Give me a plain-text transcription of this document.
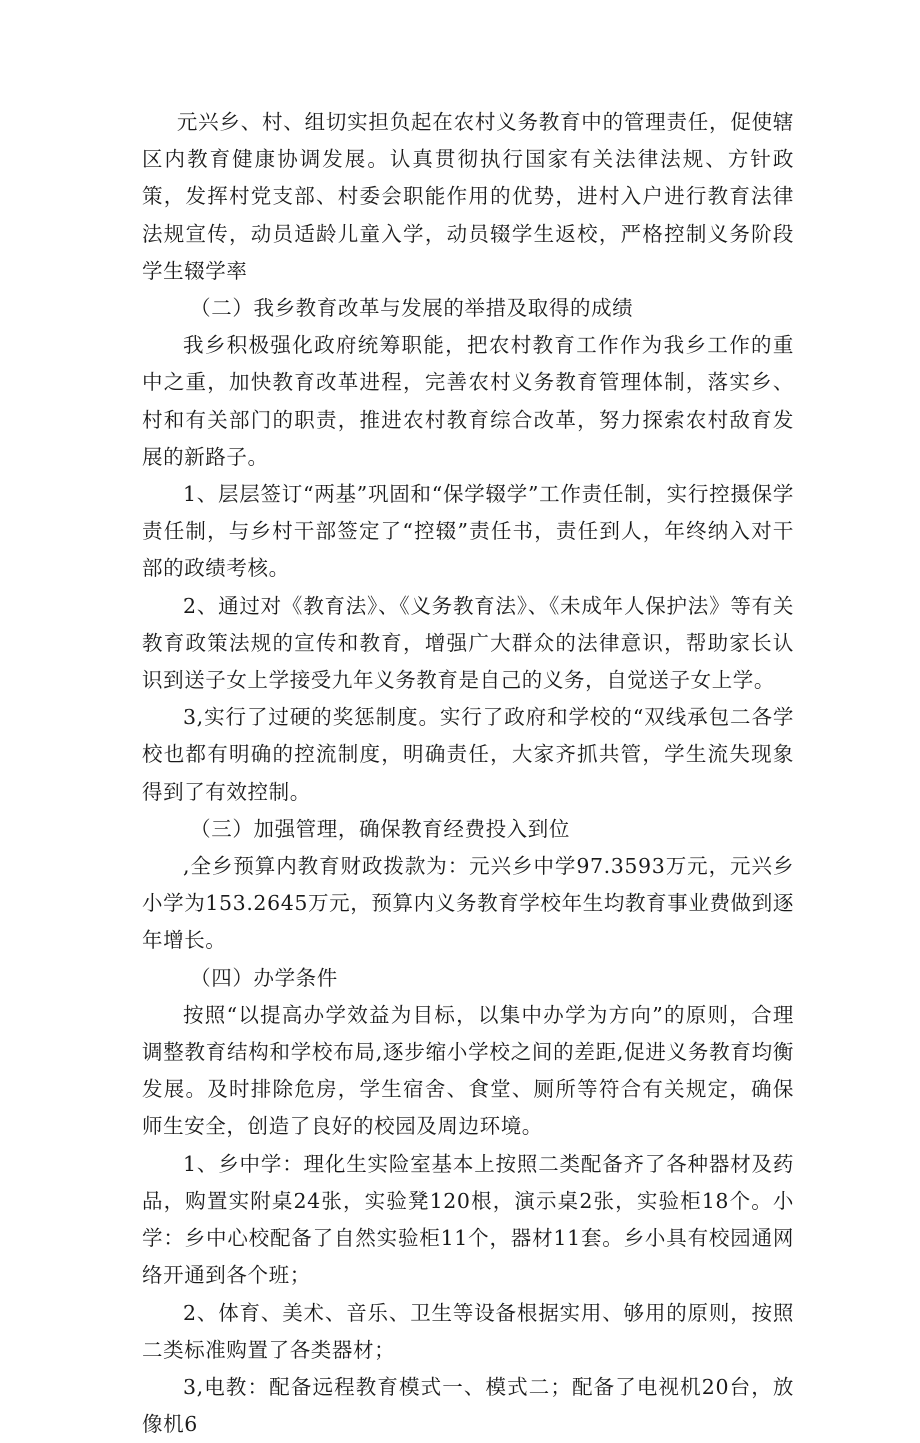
元兴乡、村、组切实担负起在农村义务教育中的管理责任，促使辖区内教育健康协调发展。认真贯彻执行国家有关法律法规、方针政策，发挥村党支部、村委会职能作用的优势，进村入户进行教育法律法规宣传，动员适龄儿童入学，动员辍学生返校，严格控制义务阶段学生辍学率

（二）我乡教育改革与发展的举措及取得的成绩

我乡积极强化政府统筹职能，把农村教育工作作为我乡工作的重中之重，加快教育改革进程，完善农村义务教育管理体制，落实乡、村和有关部门的职责，推进农村教育综合改革，努力探索农村敌育发展的新路子。

1、层层签订“两基”巩固和“保学辍学”工作责任制，实行控摄保学责任制，与乡村干部签定了“控辍”责任书，责任到人，年终纳入对干部的政绩考核。

2、通过对《教育法》、《义务教育法》、《未成年人保护法》等有关教育政策法规的宣传和教育，增强广大群众的法律意识，帮助家长认识到送子女上学接受九年义务教育是自己的义务，自觉送子女上学。

3,实行了过硬的奖惩制度。实行了政府和学校的“双线承包二各学校也都有明确的控流制度，明确责任，大家齐抓共管，学生流失现象得到了有效控制。

（三）加强管理，确保教育经费投入到位

,全乡预算内教育财政拨款为：元兴乡中学97.3593万元，元兴乡小学为153.2645万元，预算内义务教育学校年生均教育事业费做到逐年增长。

（四）办学条件

按照“以提高办学效益为目标，以集中办学为方向”的原则，合理调整教育结构和学校布局,逐步缩小学校之间的差距,促进义务教育均衡发展。及时排除危房，学生宿舍、食堂、厕所等符合有关规定，确保师生安全，创造了良好的校园及周边环境。

1、乡中学：理化生实险室基本上按照二类配备齐了各种器材及药品，购置实附桌24张，实验凳120根，演示桌2张，实验柜18个。小学：乡中心校配备了自然实验柜11个，器材11套。乡小具有校园通网络开通到各个班；

2、体育、美术、音乐、卫生等设备根据实用、够用的原则，按照二类标准购置了各类器材；

3,电教：配备远程教育模式一、模式二；配备了电视机20台，放像机6
